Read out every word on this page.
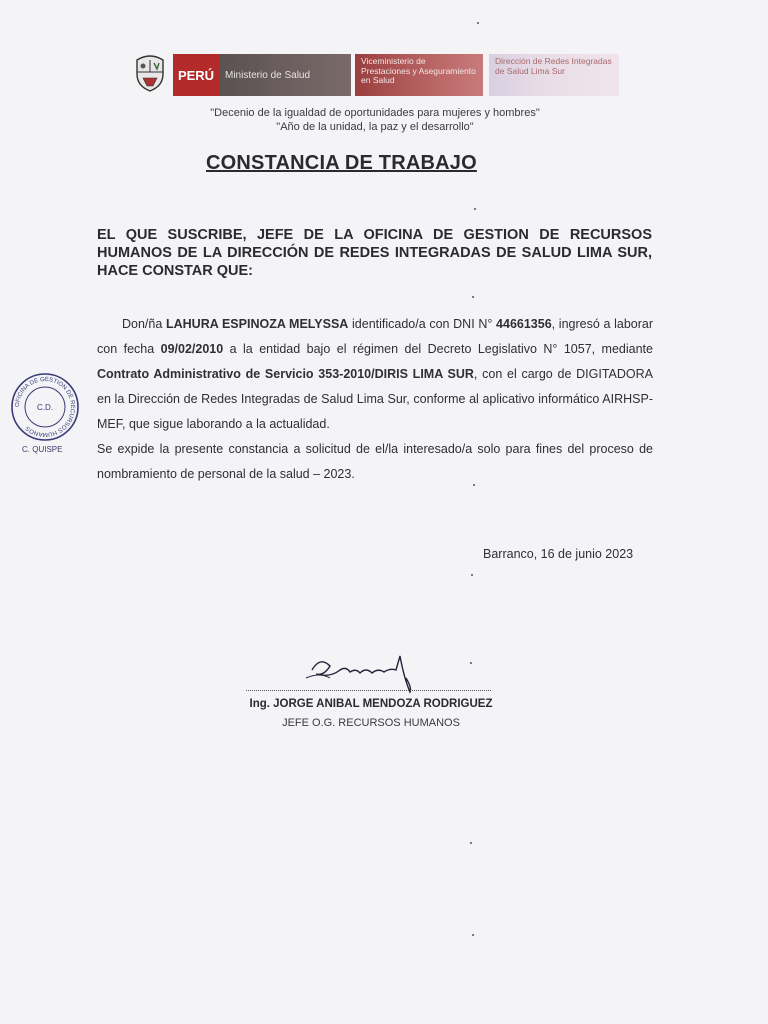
PERÚ	Ministerio de Salud
Viceministerio de Prestaciones y Aseguramiento en Salud
Dirección de Redes Integradas de Salud Lima Sur
"Decenio de la igualdad de oportunidades para mujeres y hombres"
"Año de la unidad, la paz y el desarrollo"
CONSTANCIA DE TRABAJO
EL QUE SUSCRIBE, JEFE DE LA OFICINA DE GESTION DE RECURSOS HUMANOS DE LA DIRECCIÓN DE REDES INTEGRADAS DE SALUD LIMA SUR, HACE CONSTAR QUE:

Don/ña LAHURA ESPINOZA MELYSSA identificado/a con DNI N° 44661356, ingresó a laborar con fecha 09/02/2010 a la entidad bajo el régimen del Decreto Legislativo N° 1057, mediante Contrato Administrativo de Servicio 353-2010/DIRIS LIMA SUR, con el cargo de DIGITADORA en la Dirección de Redes Integradas de Salud Lima Sur, conforme al aplicativo informático AIRHSP-MEF, que sigue laborando a la actualidad.

Se expide la presente constancia a solicitud de el/la interesado/a solo para fines del proceso de nombramiento de personal de la salud – 2023.

Barranco, 16 de junio 2023
Ing. JORGE ANIBAL MENDOZA RODRIGUEZ
JEFE O.G. RECURSOS HUMANOS
OFICINA DE GESTION DE RECURSOS HUMANOS
C.D.
C. QUISPE
